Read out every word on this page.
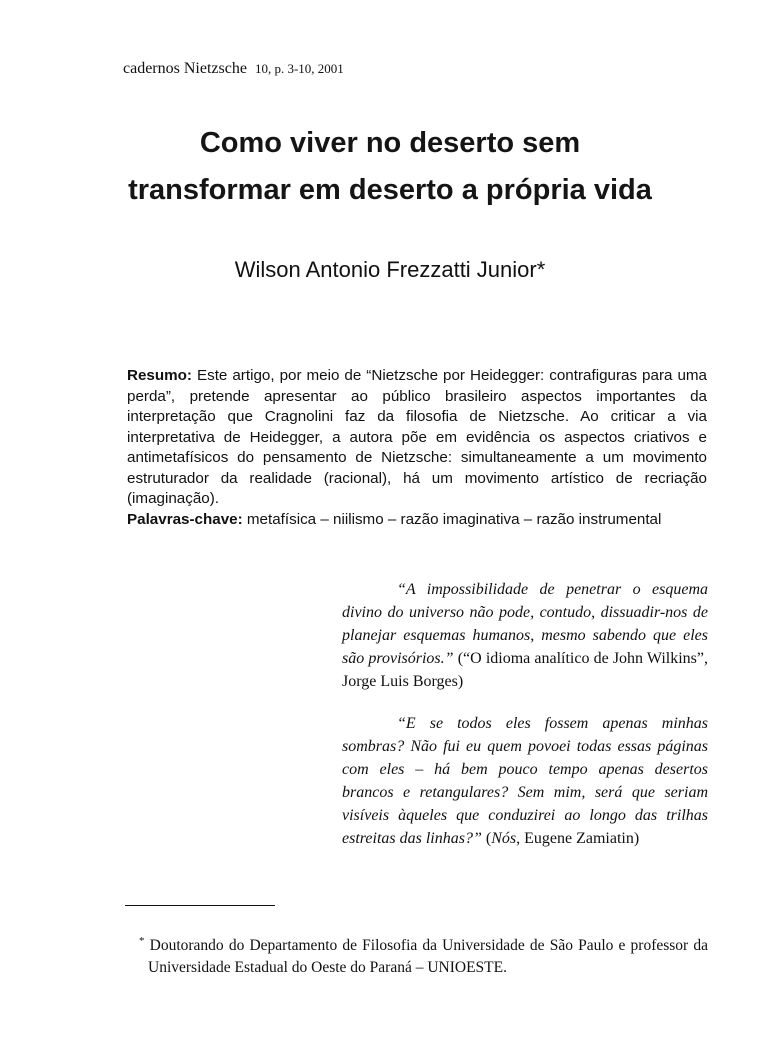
cadernos Nietzsche 10, p. 3-10, 2001
Como viver no deserto sem
transformar em deserto a própria vida
Wilson Antonio Frezzatti Junior*

Resumo: Este artigo, por meio de “Nietzsche por Heidegger: contrafiguras para uma perda”, pretende apresentar ao público brasileiro aspectos importantes da interpretação que Cragnolini faz da filosofia de Nietzsche. Ao criticar a via interpretativa de Heidegger, a autora põe em evidência os aspectos criativos e antimetafísicos do pensamento de Nietzsche: simultaneamente a um movimento estruturador da realidade (racional), há um movimento artístico de recriação (imaginação).

Palavras-chave: metafísica – niilismo – razão imaginativa – razão instrumental

“A impossibilidade de penetrar o esquema divino do universo não pode, contudo, dissuadir-nos de planejar esquemas humanos, mesmo sabendo que eles são provisórios.” (“O idioma analítico de John Wilkins”, Jorge Luis Borges)

“E se todos eles fossem apenas minhas sombras? Não fui eu quem povoei todas essas páginas com eles – há bem pouco tempo apenas desertos brancos e retangulares? Sem mim, será que seriam visíveis àqueles que conduzirei ao longo das trilhas estreitas das linhas?” (Nós, Eugene Zamiatin)

* Doutorando do Departamento de Filosofia da Universidade de São Paulo e professor da Universidade Estadual do Oeste do Paraná – UNIOESTE.
